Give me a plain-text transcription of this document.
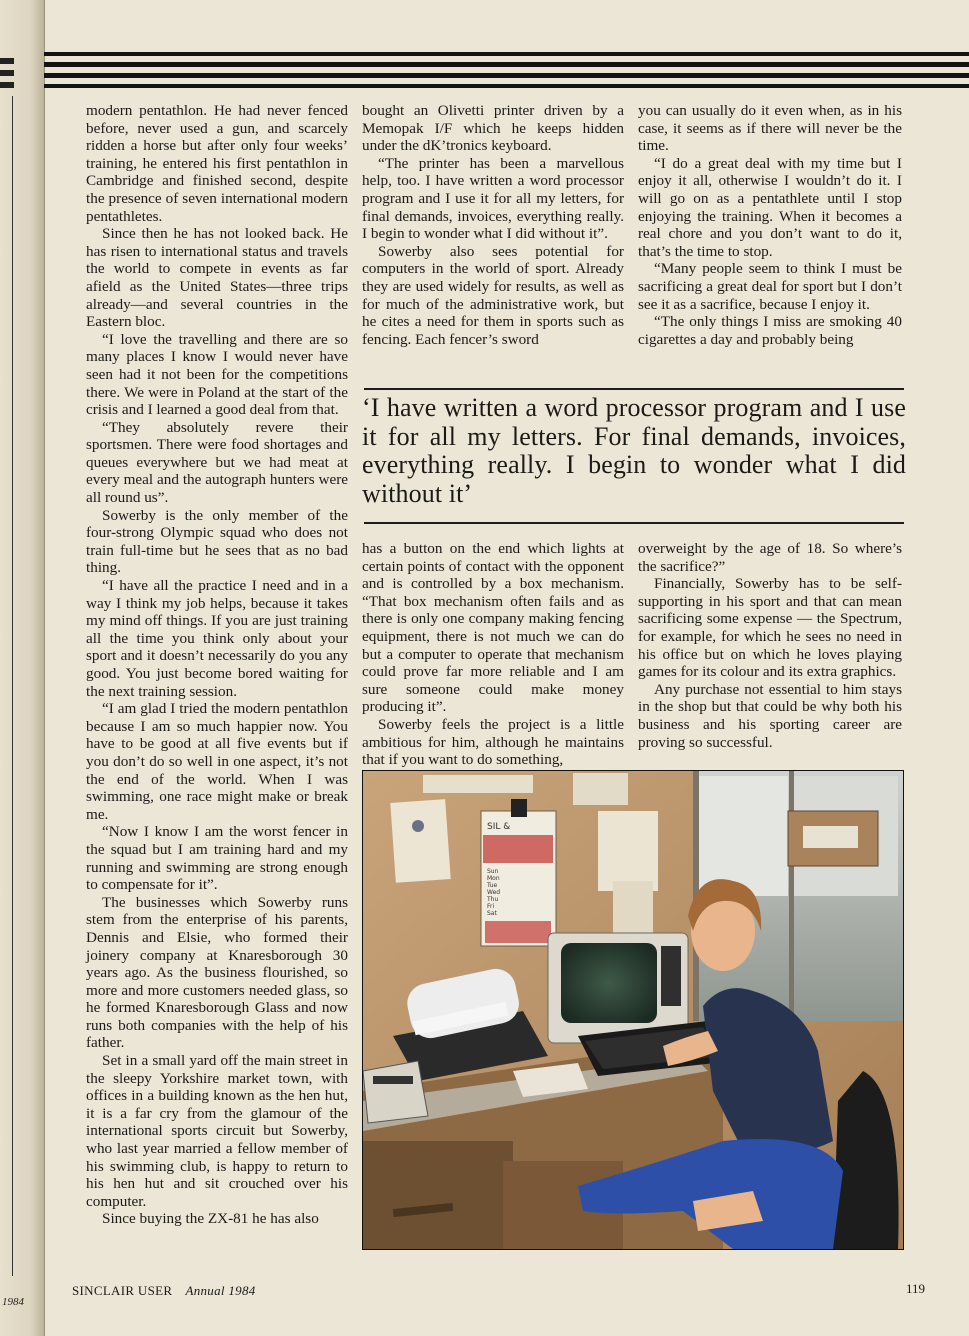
1984

modern pentathlon. He had never fenced before, never used a gun, and scarcely ridden a horse but after only four weeks’ training, he entered his first pentathlon in Cambridge and finished second, despite the presence of seven international modern pentathletes.

Since then he has not looked back. He has risen to international status and travels the world to compete in events as far afield as the United States—three trips already—and several countries in the Eastern bloc.

“I love the travelling and there are so many places I know I would never have seen had it not been for the competitions there. We were in Poland at the start of the crisis and I learned a good deal from that.

“They absolutely revere their sportsmen. There were food shortages and queues everywhere but we had meat at every meal and the autograph hunters were all round us”.

Sowerby is the only member of the four-strong Olympic squad who does not train full-time but he sees that as no bad thing.

“I have all the practice I need and in a way I think my job helps, because it takes my mind off things. If you are just training all the time you think only about your sport and it doesn’t necessarily do you any good. You just become bored waiting for the next training session.

“I am glad I tried the modern pentathlon because I am so much happier now. You have to be good at all five events but if you don’t do so well in one aspect, it’s not the end of the world. When I was swimming, one race might make or break me.

“Now I know I am the worst fencer in the squad but I am training hard and my running and swimming are strong enough to compensate for it”.

The businesses which Sowerby runs stem from the enterprise of his parents, Dennis and Elsie, who formed their joinery company at Knaresborough 30 years ago. As the business flourished, so more and more customers needed glass, so he formed Knaresborough Glass and now runs both companies with the help of his father.

Set in a small yard off the main street in the sleepy Yorkshire market town, with offices in a building known as the hen hut, it is a far cry from the glamour of the international sports circuit but Sowerby, who last year married a fellow member of his swimming club, is happy to return to his hen hut and sit crouched over his computer.

Since buying the ZX-81 he has also

bought an Olivetti printer driven by a Memopak I/F which he keeps hidden under the dK’tronics keyboard.

“The printer has been a marvellous help, too. I have written a word processor program and I use it for all my letters, for final demands, invoices, everything really. I begin to wonder what I did without it”.

Sowerby also sees potential for computers in the world of sport. Already they are used widely for results, as well as for much of the administrative work, but he cites a need for them in sports such as fencing. Each fencer’s sword

you can usually do it even when, as in his case, it seems as if there will never be the time.

“I do a great deal with my time but I enjoy it all, otherwise I wouldn’t do it. I will go on as a pentathlete until I stop enjoying the training. When it becomes a real chore and you don’t want to do it, that’s the time to stop.

“Many people seem to think I must be sacrificing a great deal for sport but I don’t see it as a sacrifice, because I enjoy it.

“The only things I miss are smoking 40 cigarettes a day and probably being

‘I have written a word processor program and I use it for all my letters. For final demands, invoices, everything really. I begin to wonder what I did without it’

has a button on the end which lights at certain points of contact with the opponent and is controlled by a box mechanism. “That box mechanism often fails and as there is only one company making fencing equipment, there is not much we can do but a computer to operate that mechanism could prove far more reliable and I am sure someone could make money producing it”.

Sowerby feels the project is a little ambitious for him, although he maintains that if you want to do something,

overweight by the age of 18. So where’s the sacrifice?”

Financially, Sowerby has to be self-supporting in his sport and that can mean sacrificing some expense — the Spectrum, for example, for which he sees no need in his office but on which he loves playing games for its colour and its extra graphics.

Any purchase not essential to him stays in the shop but that could be why both his business and his sporting career are proving so successful.

SIL &
Sun
Mon
Tue
Wed
Thu
Fri
Sat
SINCLAIR USER Annual 1984	119
